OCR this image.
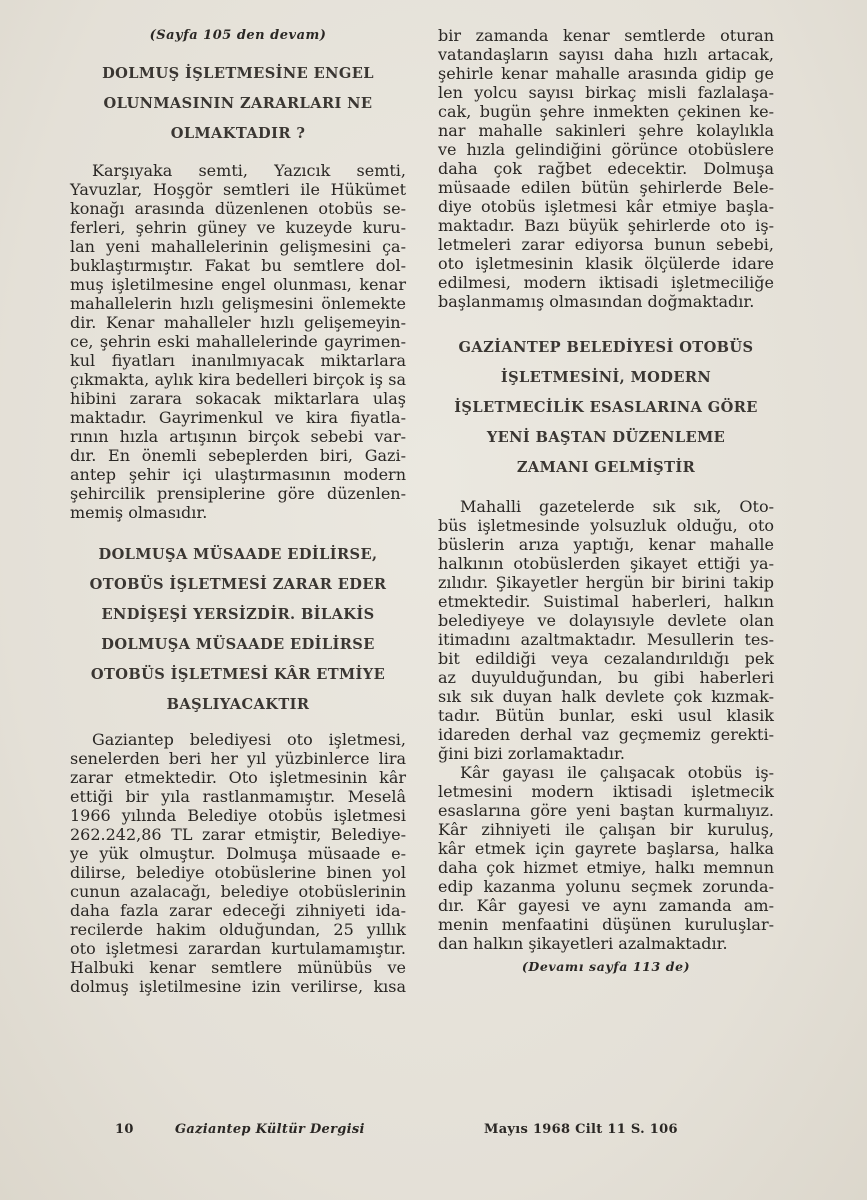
(Sayfa 105 den devam)

DOLMUŞ İŞLETMESİNE ENGEL

OLUNMASININ ZARARLARI NE

OLMAKTADIR ?

Karşıyaka semti, Yazıcık semti,
Yavuzlar, Hoşgör semtleri ile Hükümet
konağı arasında düzenlenen otobüs se-
ferleri, şehrin güney ve kuzeyde kuru-
lan yeni mahallelerinin gelişmesini ça-
buklaştırmıştır. Fakat bu semtlere dol-
muş işletilmesine engel olunması, kenar
mahallelerin hızlı gelişmesini önlemekte
dir. Kenar mahalleler hızlı gelişemeyin-
ce, şehrin eski mahallelerinde gayrimen-
kul fiyatları inanılmıyacak miktarlara
çıkmakta, aylık kira bedelleri birçok iş sa
hibini zarara sokacak miktarlara ulaş
maktadır. Gayrimenkul ve kira fiyatla-
rının hızla artışının birçok sebebi var-
dır. En önemli sebeplerden biri, Gazi-
antep şehir içi ulaştırmasının modern
şehircilik prensiplerine göre düzenlen-
memiş olmasıdır.

DOLMUŞA MÜSAADE EDİLİRSE,

OTOBÜS İŞLETMESİ ZARAR EDER

ENDİŞEŞİ YERSİZDİR. BİLAKİS

DOLMUŞA MÜSAADE EDİLİRSE

OTOBÜS İŞLETMESİ KÂR ETMİYE

BAŞLIYACAKTIR

Gaziantep belediyesi oto işletmesi,
senelerden beri her yıl yüzbinlerce lira
zarar etmektedir. Oto işletmesinin kâr
ettiği bir yıla rastlanmamıştır. Meselâ
1966 yılında Belediye otobüs işletmesi
262.242,86 TL zarar etmiştir, Belediye-
ye yük olmuştur. Dolmuşa müsaade e-
dilirse, belediye otobüslerine binen yol
cunun azalacağı, belediye otobüslerinin
daha fazla zarar edeceği zihniyeti ida-
recilerde hakim olduğundan, 25 yıllık
oto işletmesi zarardan kurtulamamıştır.
Halbuki kenar semtlere münübüs ve
dolmuş işletilmesine izin verilirse, kısa
bir zamanda kenar semtlerde oturan
vatandaşların sayısı daha hızlı artacak,
şehirle kenar mahalle arasında gidip ge
len yolcu sayısı birkaç misli fazlalaşa-
cak, bugün şehre inmekten çekinen ke-
nar mahalle sakinleri şehre kolaylıkla
ve hızla gelindiğini görünce otobüslere
daha çok rağbet edecektir. Dolmuşa
müsaade edilen bütün şehirlerde Bele-
diye otobüs işletmesi kâr etmiye başla-
maktadır. Bazı büyük şehirlerde oto iş-
letmeleri zarar ediyorsa bunun sebebi,
oto işletmesinin klasik ölçülerde idare
edilmesi, modern iktisadi işletmeciliğe
başlanmamış olmasından doğmaktadır.

GAZİANTEP BELEDİYESİ OTOBÜS

İŞLETMESİNİ, MODERN

İŞLETMECİLİK ESASLARINA GÖRE

YENİ BAŞTAN DÜZENLEME

ZAMANI GELMİŞTİR

Mahalli gazetelerde sık sık, Oto-
büs işletmesinde yolsuzluk olduğu, oto
büslerin arıza yaptığı, kenar mahalle
halkının otobüslerden şikayet ettiği ya-
zılıdır. Şikayetler hergün bir birini takip
etmektedir. Suistimal haberleri, halkın
belediyeye ve dolayısıyle devlete olan
itimadını azaltmaktadır. Mesullerin tes-
bit edildiği veya cezalandırıldığı pek
az duyulduğundan, bu gibi haberleri
sık sık duyan halk devlete çok kızmak-
tadır. Bütün bunlar, eski usul klasik
idareden derhal vaz geçmemiz gerekti-
ğini bizi zorlamaktadır.
Kâr gayası ile çalışacak otobüs iş-
letmesini modern iktisadi işletmecik
esaslarına göre yeni baştan kurmalıyız.
Kâr zihniyeti ile çalışan bir kuruluş,
kâr etmek için gayrete başlarsa, halka
daha çok hizmet etmiye, halkı memnun
edip kazanma yolunu seçmek zorunda-
dır. Kâr gayesi ve aynı zamanda am-
menin menfaatini düşünen kuruluşlar-
dan halkın şikayetleri azalmaktadır.
(Devamı sayfa 113 de)
10	Gaziantep Kültür Dergisi	Mayıs 1968 Cilt 11 S. 106
